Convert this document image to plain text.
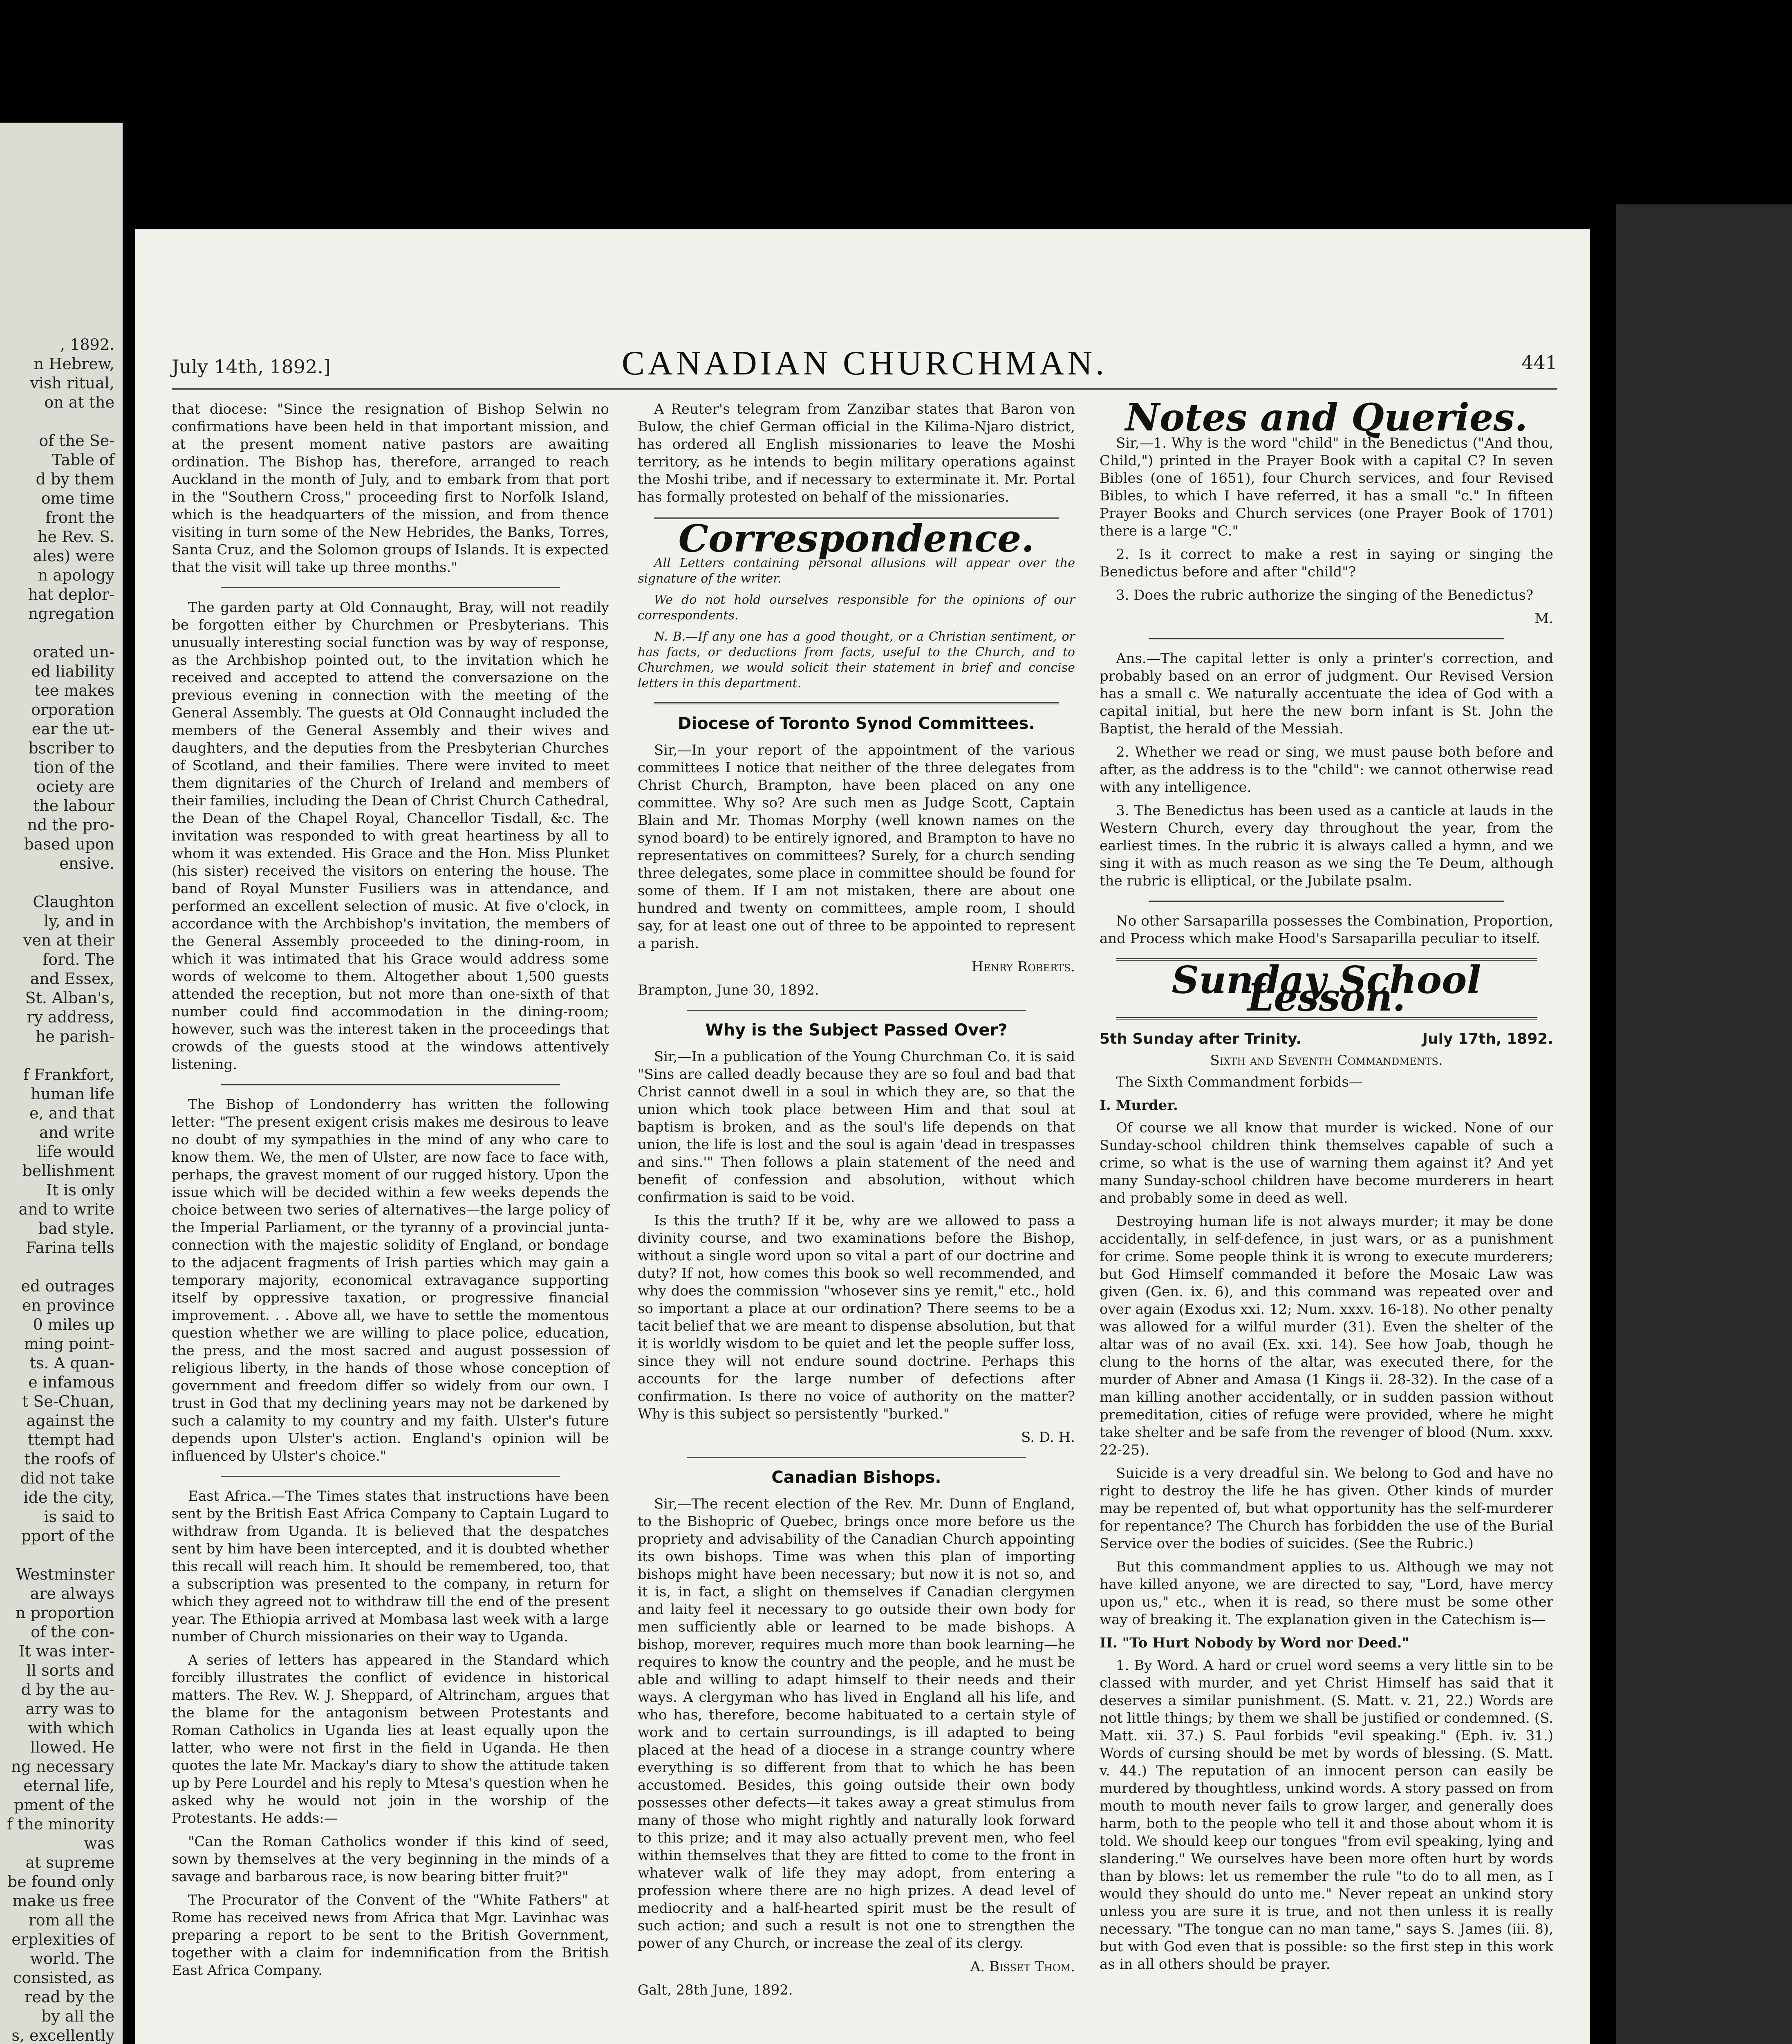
, 1892.
n Hebrew,
vish ritual,
on at the
of the Se-
Table of
d by them
ome time
front the
he Rev. S.
ales) were
n apology
hat deplor-
ngregation
orated un-
ed liability
tee makes
orporation
ear the ut-
bscriber to
tion of the
ociety are
the labour
nd the pro-
based upon
ensive.
Claughton
ly, and in
ven at their
ford. The
and Essex,
St. Alban's,
ry address,
he parish-
f Frankfort,
human life
e, and that
and write
life would
bellishment
It is only
and to write
bad style.
Farina tells
ed outrages
en province
0 miles up
ming point-
ts. A quan-
e infamous
t Se-Chuan,
against the
ttempt had
the roofs of
did not take
ide the city,
is said to
pport of the
Westminster
are always
n proportion
of the con-
It was inter-
ll sorts and
d by the au-
arry was to
with which
llowed. He
ng necessary
eternal life,
pment of the
f the minority
was
at supreme
be found only
make us free
rom all the
erplexities of
world. The
consisted, as
read by the
by all the
s, excellently
July 14th, 1892.]	CANADIAN CHURCHMAN.	441

that diocese: "Since the resignation of Bishop Selwin no confirmations have been held in that important mission, and at the present moment native pastors are awaiting ordination. The Bishop has, therefore, arranged to reach Auckland in the month of July, and to embark from that port in the "Southern Cross," proceeding first to Norfolk Island, which is the headquarters of the mission, and from thence visiting in turn some of the New Hebrides, the Banks, Torres, Santa Cruz, and the Solomon groups of Islands. It is expected that the visit will take up three months."

The garden party at Old Connaught, Bray, will not readily be forgotten either by Churchmen or Presbyterians. This unusually interesting social function was by way of response, as the Archbishop pointed out, to the invitation which he received and accepted to attend the conversazione on the previous evening in connection with the meeting of the General Assembly. The guests at Old Connaught included the members of the General Assembly and their wives and daughters, and the deputies from the Presbyterian Churches of Scotland, and their families. There were invited to meet them dignitaries of the Church of Ireland and members of their families, including the Dean of Christ Church Cathedral, the Dean of the Chapel Royal, Chancellor Tisdall, &c. The invitation was responded to with great heartiness by all to whom it was extended. His Grace and the Hon. Miss Plunket (his sister) received the visitors on entering the house. The band of Royal Munster Fusiliers was in attendance, and performed an excellent selection of music. At five o'clock, in accordance with the Archbishop's invitation, the members of the General Assembly proceeded to the dining-room, in which it was intimated that his Grace would address some words of welcome to them. Altogether about 1,500 guests attended the reception, but not more than one-sixth of that number could find accommodation in the dining-room; however, such was the interest taken in the proceedings that crowds of the guests stood at the windows attentively listening.

The Bishop of Londonderry has written the following letter: "The present exigent crisis makes me desirous to leave no doubt of my sympathies in the mind of any who care to know them. We, the men of Ulster, are now face to face with, perhaps, the gravest moment of our rugged history. Upon the issue which will be decided within a few weeks depends the choice between two series of alternatives—the large policy of the Imperial Parliament, or the tyranny of a provincial junta-connection with the majestic solidity of England, or bondage to the adjacent fragments of Irish parties which may gain a temporary majority, economical extravagance supporting itself by oppressive taxation, or progressive financial improvement. . . Above all, we have to settle the momentous question whether we are willing to place police, education, the press, and the most sacred and august possession of religious liberty, in the hands of those whose conception of government and freedom differ so widely from our own. I trust in God that my declining years may not be darkened by such a calamity to my country and my faith. Ulster's future depends upon Ulster's action. England's opinion will be influenced by Ulster's choice."

East Africa.—The Times states that instructions have been sent by the British East Africa Company to Captain Lugard to withdraw from Uganda. It is believed that the despatches sent by him have been intercepted, and it is doubted whether this recall will reach him. It should be remembered, too, that a subscription was presented to the company, in return for which they agreed not to withdraw till the end of the present year. The Ethiopia arrived at Mombasa last week with a large number of Church missionaries on their way to Uganda.

A series of letters has appeared in the Standard which forcibly illustrates the conflict of evidence in historical matters. The Rev. W. J. Sheppard, of Altrincham, argues that the blame for the antagonism between Protestants and Roman Catholics in Uganda lies at least equally upon the latter, who were not first in the field in Uganda. He then quotes the late Mr. Mackay's diary to show the attitude taken up by Pere Lourdel and his reply to Mtesa's question when he asked why he would not join in the worship of the Protestants. He adds:—

"Can the Roman Catholics wonder if this kind of seed, sown by themselves at the very beginning in the minds of a savage and barbarous race, is now bearing bitter fruit?"

The Procurator of the Convent of the "White Fathers" at Rome has received news from Africa that Mgr. Lavinhac was preparing a report to be sent to the British Government, together with a claim for indemnification from the British East Africa Company.

A Reuter's telegram from Zanzibar states that Baron von Bulow, the chief German official in the Kilima-Njaro district, has ordered all English missionaries to leave the Moshi territory, as he intends to begin military operations against the Moshi tribe, and if necessary to exterminate it. Mr. Portal has formally protested on behalf of the missionaries.

Correspondence.

All Letters containing personal allusions will appear over the signature of the writer.

We do not hold ourselves responsible for the opinions of our correspondents.

N. B.—If any one has a good thought, or a Christian sentiment, or has facts, or deductions from facts, useful to the Church, and to Churchmen, we would solicit their statement in brief and concise letters in this department.

Diocese of Toronto Synod Committees.

Sir,—In your report of the appointment of the various committees I notice that neither of the three delegates from Christ Church, Brampton, have been placed on any one committee. Why so? Are such men as Judge Scott, Captain Blain and Mr. Thomas Morphy (well known names on the synod board) to be entirely ignored, and Brampton to have no representatives on committees? Surely, for a church sending three delegates, some place in committee should be found for some of them. If I am not mistaken, there are about one hundred and twenty on committees, ample room, I should say, for at least one out of three to be appointed to represent a parish.

Henry Roberts.

Brampton, June 30, 1892.

Why is the Subject Passed Over?

Sir,—In a publication of the Young Churchman Co. it is said "Sins are called deadly because they are so foul and bad that Christ cannot dwell in a soul in which they are, so that the union which took place between Him and that soul at baptism is broken, and as the soul's life depends on that union, the life is lost and the soul is again 'dead in trespasses and sins.'" Then follows a plain statement of the need and benefit of confession and absolution, without which confirmation is said to be void.

Is this the truth? If it be, why are we allowed to pass a divinity course, and two examinations before the Bishop, without a single word upon so vital a part of our doctrine and duty? If not, how comes this book so well recommended, and why does the commission "whosever sins ye remit," etc., hold so important a place at our ordination? There seems to be a tacit belief that we are meant to dispense absolution, but that it is worldly wisdom to be quiet and let the people suffer loss, since they will not endure sound doctrine. Perhaps this accounts for the large number of defections after confirmation. Is there no voice of authority on the matter? Why is this subject so persistently "burked."

S. D. H.

Canadian Bishops.

Sir,—The recent election of the Rev. Mr. Dunn of England, to the Bishopric of Quebec, brings once more before us the propriety and advisability of the Canadian Church appointing its own bishops. Time was when this plan of importing bishops might have been necessary; but now it is not so, and it is, in fact, a slight on themselves if Canadian clergymen and laity feel it necessary to go outside their own body for men sufficiently able or learned to be made bishops. A bishop, morever, requires much more than book learning—he requires to know the country and the people, and he must be able and willing to adapt himself to their needs and their ways. A clergyman who has lived in England all his life, and who has, therefore, become habituated to a certain style of work and to certain surroundings, is ill adapted to being placed at the head of a diocese in a strange country where everything is so different from that to which he has been accustomed. Besides, this going outside their own body possesses other defects—it takes away a great stimulus from many of those who might rightly and naturally look forward to this prize; and it may also actually prevent men, who feel within themselves that they are fitted to come to the front in whatever walk of life they may adopt, from entering a profession where there are no high prizes. A dead level of mediocrity and a half-hearted spirit must be the result of such action; and such a result is not one to strengthen the power of any Church, or increase the zeal of its clergy.

A. Bisset Thom.

Galt, 28th June, 1892.

Notes and Queries.

Sir,—1. Why is the word "child" in the Benedictus ("And thou, Child,") printed in the Prayer Book with a capital C? In seven Bibles (one of 1651), four Church services, and four Revised Bibles, to which I have referred, it has a small "c." In fifteen Prayer Books and Church services (one Prayer Book of 1701) there is a large "C."

2. Is it correct to make a rest in saying or singing the Benedictus before and after "child"?

3. Does the rubric authorize the singing of the Benedictus?

M.

Ans.—The capital letter is only a printer's correction, and probably based on an error of judgment. Our Revised Version has a small c. We naturally accentuate the idea of God with a capital initial, but here the new born infant is St. John the Baptist, the herald of the Messiah.

2. Whether we read or sing, we must pause both before and after, as the address is to the "child": we cannot otherwise read with any intelligence.

3. The Benedictus has been used as a canticle at lauds in the Western Church, every day throughout the year, from the earliest times. In the rubric it is always called a hymn, and we sing it with as much reason as we sing the Te Deum, although the rubric is elliptical, or the Jubilate psalm.

No other Sarsaparilla possesses the Combination, Proportion, and Process which make Hood's Sarsaparilla peculiar to itself.

Sunday School Lesson.
5th Sunday after Trinity.	July 17th, 1892.
Sixth and Seventh Commandments.

The Sixth Commandment forbids—

I. Murder.

Of course we all know that murder is wicked. None of our Sunday-school children think themselves capable of such a crime, so what is the use of warning them against it? And yet many Sunday-school children have become murderers in heart and probably some in deed as well.

Destroying human life is not always murder; it may be done accidentally, in self-defence, in just wars, or as a punishment for crime. Some people think it is wrong to execute murderers; but God Himself commanded it before the Mosaic Law was given (Gen. ix. 6), and this command was repeated over and over again (Exodus xxi. 12; Num. xxxv. 16-18). No other penalty was allowed for a wilful murder (31). Even the shelter of the altar was of no avail (Ex. xxi. 14). See how Joab, though he clung to the horns of the altar, was executed there, for the murder of Abner and Amasa (1 Kings ii. 28-32). In the case of a man killing another accidentally, or in sudden passion without premeditation, cities of refuge were provided, where he might take shelter and be safe from the revenger of blood (Num. xxxv. 22-25).

Suicide is a very dreadful sin. We belong to God and have no right to destroy the life he has given. Other kinds of murder may be repented of, but what opportunity has the self-murderer for repentance? The Church has forbidden the use of the Burial Service over the bodies of suicides. (See the Rubric.)

But this commandment applies to us. Although we may not have killed anyone, we are directed to say, "Lord, have mercy upon us," etc., when it is read, so there must be some other way of breaking it. The explanation given in the Catechism is—

II. "To Hurt Nobody by Word nor Deed."

1. By Word. A hard or cruel word seems a very little sin to be classed with murder, and yet Christ Himself has said that it deserves a similar punishment. (S. Matt. v. 21, 22.) Words are not little things; by them we shall be justified or condemned. (S. Matt. xii. 37.) S. Paul forbids "evil speaking." (Eph. iv. 31.) Words of cursing should be met by words of blessing. (S. Matt. v. 44.) The reputation of an innocent person can easily be murdered by thoughtless, unkind words. A story passed on from mouth to mouth never fails to grow larger, and generally does harm, both to the people who tell it and those about whom it is told. We should keep our tongues "from evil speaking, lying and slandering." We ourselves have been more often hurt by words than by blows: let us remember the rule "to do to all men, as I would they should do unto me." Never repeat an unkind story unless you are sure it is true, and not then unless it is really necessary. "The tongue can no man tame," says S. James (iii. 8), but with God even that is possible: so the first step in this work as in all others should be prayer.
